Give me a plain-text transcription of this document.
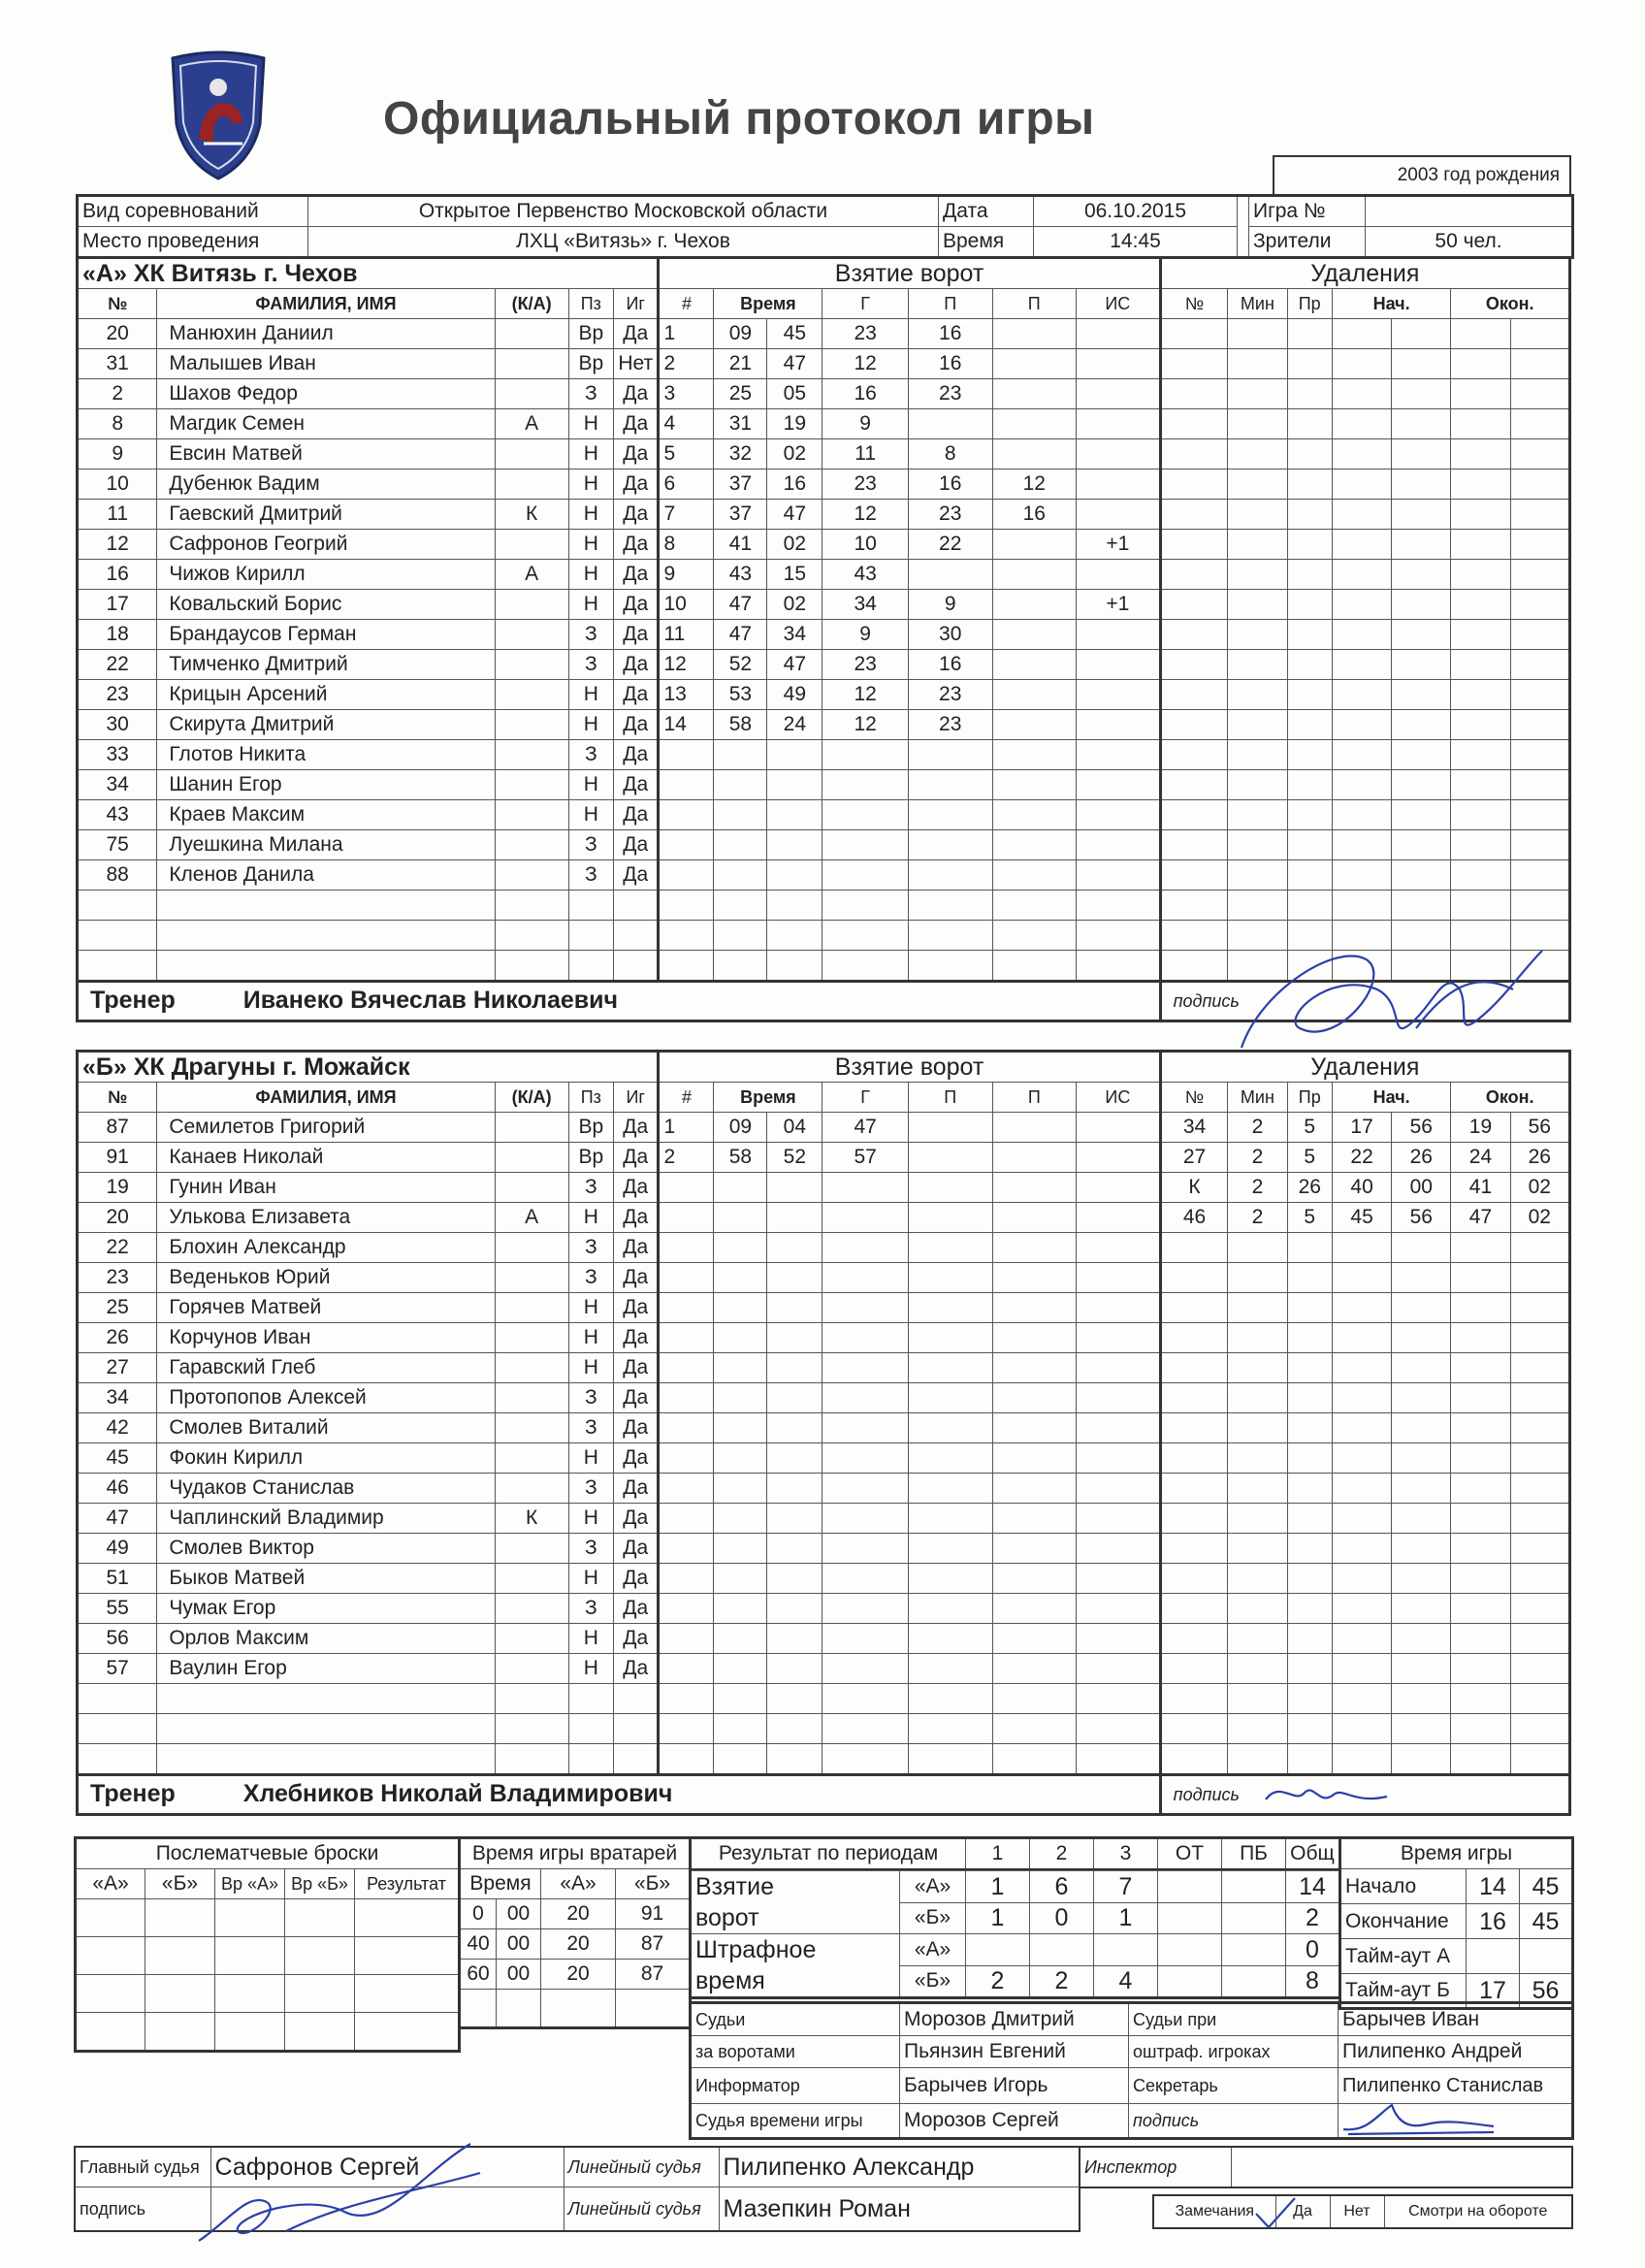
Официальный протокол игры
2003 год рождения
Вид соревнований	Открытое Первенство Московской области	Дата	06.10.2015		Игра №	
Место проведения	ЛХЦ «Витязь» г. Чехов	Время	14:45		Зрители	50 чел.
«А» ХК Витязь г. Чехов					Взятие ворот							Удаления						
№	ФАМИЛИЯ, ИМЯ	(К/А)	Пз	Иг	#	Время		Г	П	П	ИС	№	Мин	Пр	Нач.		Окон.	
20	Манюхин Даниил		Вр	Да	1	09	45	23	16									
31	Малышев Иван		Вр	Нет	2	21	47	12	16									
2	Шахов Федор		З	Да	3	25	05	16	23									
8	Магдик Семен	А	Н	Да	4	31	19	9										
9	Евсин Матвей		Н	Да	5	32	02	11	8									
10	Дубенюк Вадим		Н	Да	6	37	16	23	16	12								
11	Гаевский Дмитрий	К	Н	Да	7	37	47	12	23	16								
12	Сафронов Геогрий		Н	Да	8	41	02	10	22		+1							
16	Чижов Кирилл	А	Н	Да	9	43	15	43										
17	Ковальский Борис		Н	Да	10	47	02	34	9		+1							
18	Брандаусов Герман		З	Да	11	47	34	9	30									
22	Тимченко Дмитрий		З	Да	12	52	47	23	16									
23	Крицын Арсений		Н	Да	13	53	49	12	23									
30	Скирута Дмитрий		Н	Да	14	58	24	12	23									
33	Глотов Никита		З	Да														
34	Шанин Егор		Н	Да														
43	Краев Максим		Н	Да														
75	Луешкина Милана		З	Да														
88	Кленов Данила		З	Да														

Тренер Иванеко Вячеслав Николаевич												подпись						
«Б» ХК Драгуны г. Можайск					Взятие ворот							Удаления						
№	ФАМИЛИЯ, ИМЯ	(К/А)	Пз	Иг	#	Время		Г	П	П	ИС	№	Мин	Пр	Нач.		Окон.	
87	Семилетов Григорий		Вр	Да	1	09	04	47				34	2	5	17	56	19	56
91	Канаев Николай		Вр	Да	2	58	52	57				27	2	5	22	26	24	26
19	Гунин Иван		З	Да								К	2	26	40	00	41	02
20	Улькова Елизавета	А	Н	Да								46	2	5	45	56	47	02
22	Блохин Александр		З	Да														
23	Веденьков Юрий		З	Да														
25	Горячев Матвей		Н	Да														
26	Корчунов Иван		Н	Да														
27	Гаравский Глеб		Н	Да														
34	Протопопов Алексей		З	Да														
42	Смолев Виталий		З	Да														
45	Фокин Кирилл		Н	Да														
46	Чудаков Станислав		З	Да														
47	Чаплинский Владимир	К	Н	Да														
49	Смолев Виктор		З	Да														
51	Быков Матвей		Н	Да														
55	Чумак Егор		З	Да														
56	Орлов Максим		Н	Да														
57	Ваулин Егор		Н	Да														

Тренер Хлебников Николай Владимирович												подпись						
Послематчевые броски				
«А»	«Б»	Вр «А»	Вр «Б»	Результат

Время игры вратарей			
Время		«А»	«Б»
0	00	20	91
40	00	20	87
60	00	20	87

Результат по периодам	1	2	3	ОТ	ПБ	Общ
Взятие	«А»	1	6	7			14
ворот	«Б»	1	0	1			2
Штрафное	«А»						0
время	«Б»	2	2	4			8
Время игры		
Начало	14	45
Окончание	16	45
Тайм-аут А		
Тайм-аут Б	17	56
Судьи	Морозов Дмитрий	Судьи при	Барычев Иван
за воротами	Пьянзин Евгений	оштраф. игроках	Пилипенко Андрей
Информатор	Барычев Игорь	Секретарь	Пилипенко Станислав
Судья времени игры	Морозов Сергей	подпись	
Главный судья	Сафронов Сергей	Линейный судья	Пилипенко Александр
подпись		Линейный судья	Мазепкин Роман
Инспектор	
Замечания	Да	Нет	Смотри на обороте
